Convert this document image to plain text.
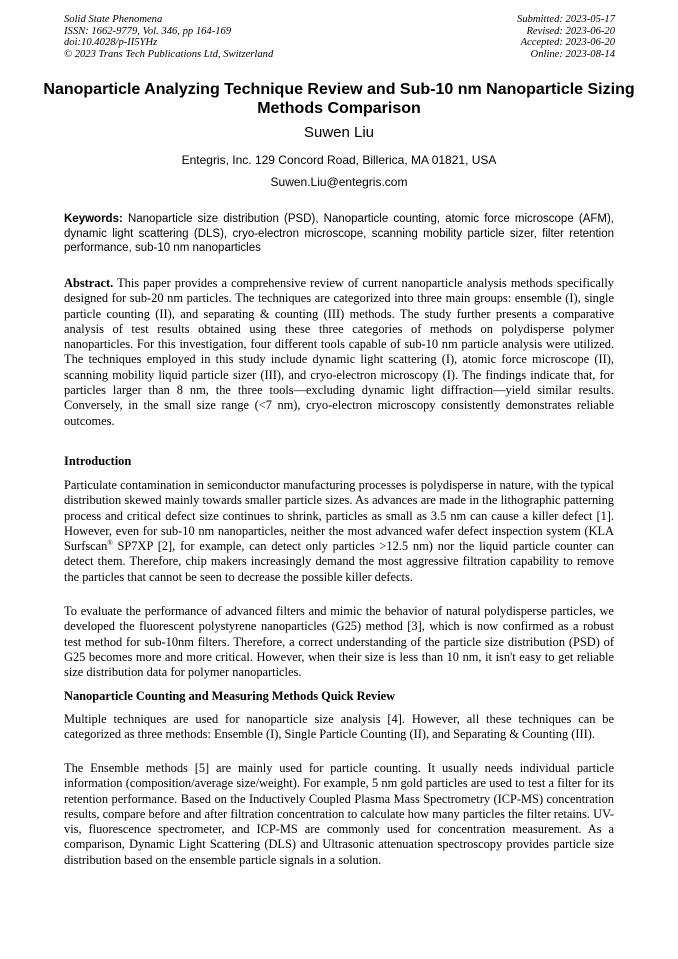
Solid State Phenomena
ISSN: 1662-9779, Vol. 346, pp 164-169
doi:10.4028/p-II5YHz
© 2023 Trans Tech Publications Ltd, Switzerland
Submitted: 2023-05-17
Revised: 2023-06-20
Accepted: 2023-06-20
Online: 2023-08-14
Nanoparticle Analyzing Technique Review and Sub-10 nm Nanoparticle Sizing Methods Comparison
Suwen Liu
Entegris, Inc. 129 Concord Road, Billerica, MA 01821, USA
Suwen.Liu@entegris.com
Keywords: Nanoparticle size distribution (PSD), Nanoparticle counting, atomic force microscope (AFM), dynamic light scattering (DLS), cryo-electron microscope, scanning mobility particle sizer, filter retention performance, sub-10 nm nanoparticles

Abstract. This paper provides a comprehensive review of current nanoparticle analysis methods specifically designed for sub-20 nm particles. The techniques are categorized into three main groups: ensemble (I), single particle counting (II), and separating & counting (III) methods. The study further presents a comparative analysis of test results obtained using these three categories of methods on polydisperse polymer nanoparticles. For this investigation, four different tools capable of sub-10 nm particle analysis were utilized. The techniques employed in this study include dynamic light scattering (I), atomic force microscope (II), scanning mobility liquid particle sizer (III), and cryo-electron microscopy (I). The findings indicate that, for particles larger than 8 nm, the three tools—excluding dynamic light diffraction—yield similar results. Conversely, in the small size range (<7 nm), cryo-electron microscopy consistently demonstrates reliable outcomes.

Introduction

Particulate contamination in semiconductor manufacturing processes is polydisperse in nature, with the typical distribution skewed mainly towards smaller particle sizes. As advances are made in the lithographic patterning process and critical defect size continues to shrink, particles as small as 3.5 nm can cause a killer defect [1]. However, even for sub-10 nm nanoparticles, neither the most advanced wafer defect inspection system (KLA Surfscan® SP7XP [2], for example, can detect only particles >12.5 nm) nor the liquid particle counter can detect them. Therefore, chip makers increasingly demand the most aggressive filtration capability to remove the particles that cannot be seen to decrease the possible killer defects.

To evaluate the performance of advanced filters and mimic the behavior of natural polydisperse particles, we developed the fluorescent polystyrene nanoparticles (G25) method [3], which is now confirmed as a robust test method for sub-10nm filters. Therefore, a correct understanding of the particle size distribution (PSD) of G25 becomes more and more critical. However, when their size is less than 10 nm, it isn't easy to get reliable size distribution data for polymer nanoparticles.

Nanoparticle Counting and Measuring Methods Quick Review

Multiple techniques are used for nanoparticle size analysis [4]. However, all these techniques can be categorized as three methods: Ensemble (I), Single Particle Counting (II), and Separating & Counting (III).

The Ensemble methods [5] are mainly used for particle counting. It usually needs individual particle information (composition/average size/weight). For example, 5 nm gold particles are used to test a filter for its retention performance. Based on the Inductively Coupled Plasma Mass Spectrometry (ICP-MS) concentration results, compare before and after filtration concentration to calculate how many particles the filter retains. UV-vis, fluorescence spectrometer, and ICP-MS are commonly used for concentration measurement. As a comparison, Dynamic Light Scattering (DLS) and Ultrasonic attenuation spectroscopy provides particle size distribution based on the ensemble particle signals in a solution.
